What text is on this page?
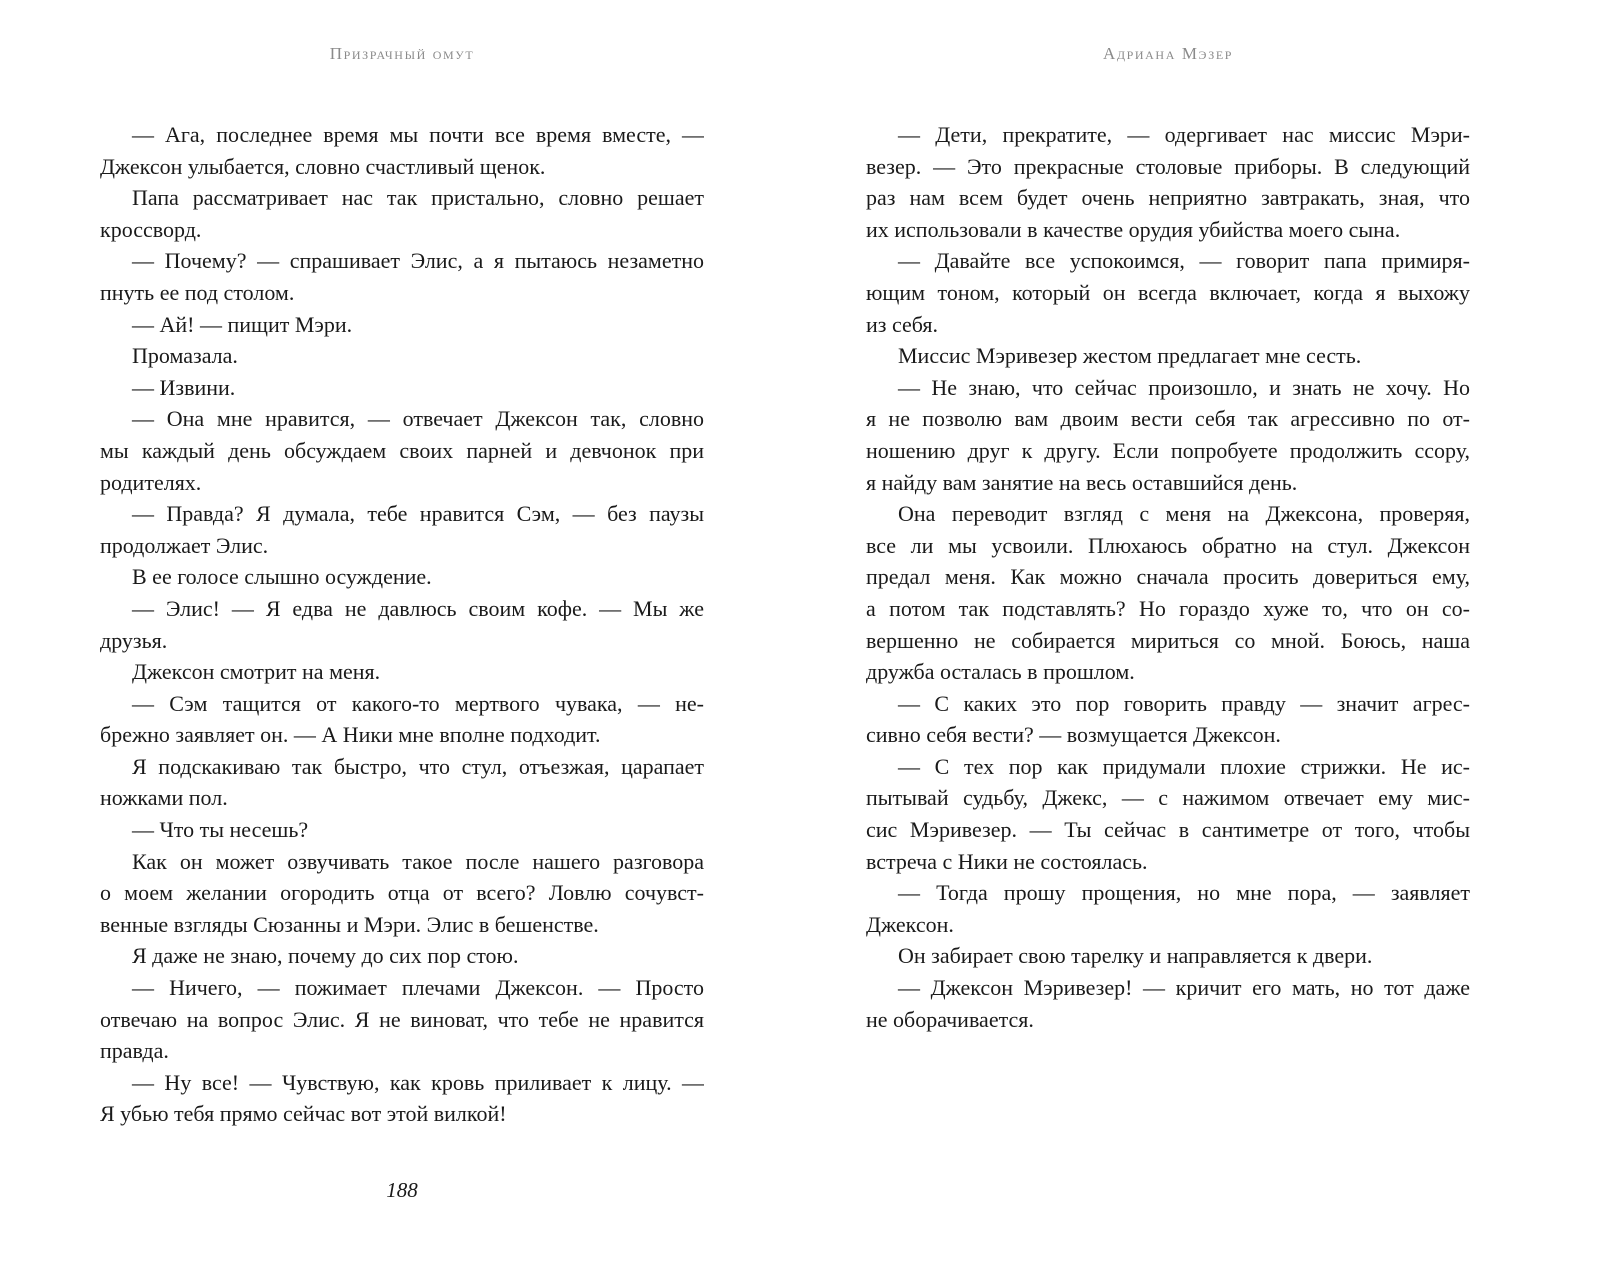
Призрачный омут
— Ага, последнее время мы почти все время вместе, —
Джексон улыбается, словно счастливый щенок.
Папа рассматривает нас так пристально, словно решает
кроссворд.
— Почему? — спрашивает Элис, а я пытаюсь незаметно
пнуть ее под столом.
— Ай! — пищит Мэри.
Промазала.
— Извини.
— Она мне нравится, — отвечает Джексон так, словно
мы каждый день обсуждаем своих парней и девчонок при
родителях.
— Правда? Я думала, тебе нравится Сэм, — без паузы
продолжает Элис.
В ее голосе слышно осуждение.
— Элис! — Я едва не давлюсь своим кофе. — Мы же
друзья.
Джексон смотрит на меня.
— Сэм тащится от какого-то мертвого чувака, — не-
брежно заявляет он. — А Ники мне вполне подходит.
Я подскакиваю так быстро, что стул, отъезжая, царапает
ножками пол.
— Что ты несешь?
Как он может озвучивать такое после нашего разговора
о моем желании огородить отца от всего? Ловлю сочувст-
венные взгляды Сюзанны и Мэри. Элис в бешенстве.
Я даже не знаю, почему до сих пор стою.
— Ничего, — пожимает плечами Джексон. — Просто
отвечаю на вопрос Элис. Я не виноват, что тебе не нравится
правда.
— Ну все! — Чувствую, как кровь приливает к лицу. —
Я убью тебя прямо сейчас вот этой вилкой!
188
Адриана Мэзер
— Дети, прекратите, — одергивает нас миссис Мэри-
везер. — Это прекрасные столовые приборы. В следующий
раз нам всем будет очень неприятно завтракать, зная, что
их использовали в качестве орудия убийства моего сына.
— Давайте все успокоимся, — говорит папа примиря-
ющим тоном, который он всегда включает, когда я выхожу
из себя.
Миссис Мэривезер жестом предлагает мне сесть.
— Не знаю, что сейчас произошло, и знать не хочу. Но
я не позволю вам двоим вести себя так агрессивно по от-
ношению друг к другу. Если попробуете продолжить ссору,
я найду вам занятие на весь оставшийся день.
Она переводит взгляд с меня на Джексона, проверяя,
все ли мы усвоили. Плюхаюсь обратно на стул. Джексон
предал меня. Как можно сначала просить довериться ему,
а потом так подставлять? Но гораздо хуже то, что он со-
вершенно не собирается мириться со мной. Боюсь, наша
дружба осталась в прошлом.
— С каких это пор говорить правду — значит агрес-
сивно себя вести? — возмущается Джексон.
— С тех пор как придумали плохие стрижки. Не ис-
пытывай судьбу, Джекс, — с нажимом отвечает ему мис-
сис Мэривезер. — Ты сейчас в сантиметре от того, чтобы
встреча с Ники не состоялась.
— Тогда прошу прощения, но мне пора, — заявляет
Джексон.
Он забирает свою тарелку и направляется к двери.
— Джексон Мэривезер! — кричит его мать, но тот даже
не оборачивается.
